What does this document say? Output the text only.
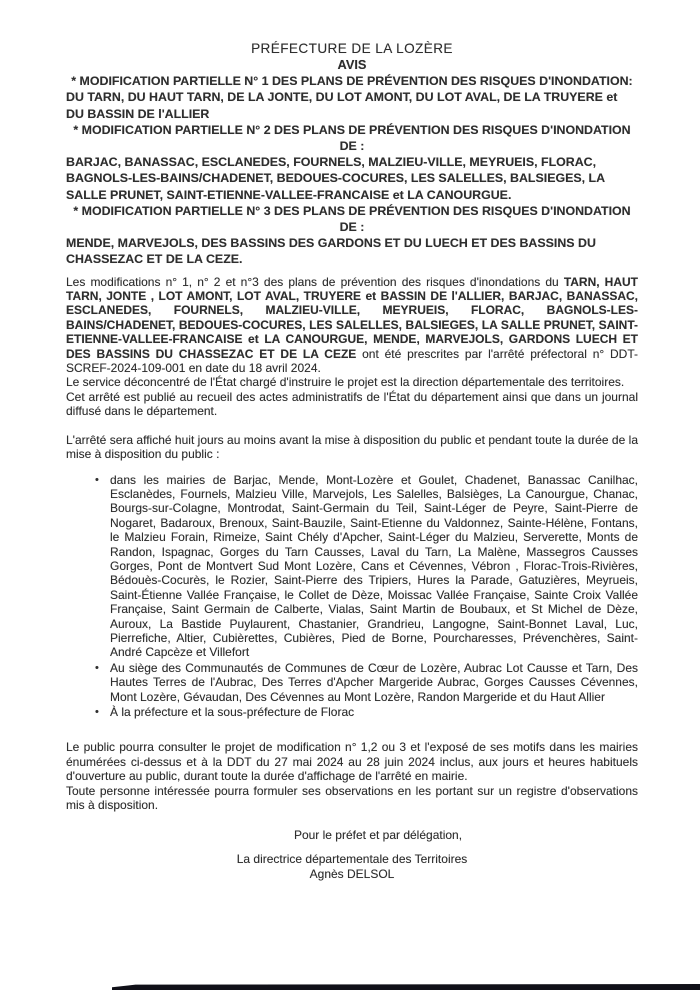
PRÉFECTURE DE LA LOZÈRE
AVIS
* MODIFICATION PARTIELLE N° 1 DES PLANS DE PRÉVENTION DES RISQUES D'INONDATION:
DU TARN, DU HAUT TARN, DE LA JONTE, DU LOT AMONT, DU LOT AVAL, DE LA TRUYERE et DU BASSIN DE l'ALLIER
* MODIFICATION PARTIELLE N° 2 DES PLANS DE PRÉVENTION DES RISQUES D'INONDATION DE :
BARJAC, BANASSAC, ESCLANEDES, FOURNELS, MALZIEU-VILLE, MEYRUEIS, FLORAC, BAGNOLS-LES-BAINS/CHADENET, BEDOUES-COCURES, LES SALELLES, BALSIEGES, LA SALLE PRUNET, SAINT-ETIENNE-VALLEE-FRANCAISE et LA CANOURGUE.
* MODIFICATION PARTIELLE N° 3 DES PLANS DE PRÉVENTION DES RISQUES D'INONDATION DE :
MENDE, MARVEJOLS, DES BASSINS DES GARDONS ET DU LUECH ET DES BASSINS DU CHASSEZAC ET DE LA CEZE.
Les modifications n° 1, n° 2 et n°3 des plans de prévention des risques d'inondations du TARN, HAUT TARN, JONTE , LOT AMONT, LOT AVAL, TRUYERE et BASSIN DE l'ALLIER, BARJAC, BANASSAC, ESCLANEDES, FOURNELS, MALZIEU-VILLE, MEYRUEIS, FLORAC, BAGNOLS-LES-BAINS/CHADENET, BEDOUES-COCURES, LES SALELLES, BALSIEGES, LA SALLE PRUNET, SAINT-ETIENNE-VALLEE-FRANCAISE et LA CANOURGUE, MENDE, MARVEJOLS, GARDONS LUECH ET DES BASSINS DU CHASSEZAC ET DE LA CEZE ont été prescrites par l'arrêté préfectoral n° DDT-SCREF-2024-109-001 en date du 18 avril 2024.
Le service déconcentré de l'État chargé d'instruire le projet est la direction départementale des territoires.
Cet arrêté est publié au recueil des actes administratifs de l'État du département ainsi que dans un journal diffusé dans le département.
L'arrêté sera affiché huit jours au moins avant la mise à disposition du public et pendant toute la durée de la mise à disposition du public :
• dans les mairies de Barjac, Mende, Mont-Lozère et Goulet, Chadenet, Banassac Canilhac, Esclanèdes, Fournels, Malzieu Ville, Marvejols, Les Salelles, Balsièges, La Canourgue, Chanac, Bourgs-sur-Colagne, Montrodat, Saint-Germain du Teil, Saint-Léger de Peyre, Saint-Pierre de Nogaret, Badaroux, Brenoux, Saint-Bauzile, Saint-Etienne du Valdonnez, Sainte-Hélène, Fontans, le Malzieu Forain, Rimeize, Saint Chély d'Apcher, Saint-Léger du Malzieu, Serverette, Monts de Randon, Ispagnac, Gorges du Tarn Causses, Laval du Tarn, La Malène, Massegros Causses Gorges, Pont de Montvert Sud Mont Lozère, Cans et Cévennes, Vébron , Florac-Trois-Rivières, Bédouès-Cocurès, le Rozier, Saint-Pierre des Tripiers, Hures la Parade, Gatuzières, Meyrueis, Saint-Étienne Vallée Française, le Collet de Dèze, Moissac Vallée Française, Sainte Croix Vallée Française, Saint Germain de Calberte, Vialas, Saint Martin de Boubaux, et St Michel de Dèze, Auroux, La Bastide Puylaurent, Chastanier, Grandrieu, Langogne, Saint-Bonnet Laval, Luc, Pierrefiche, Altier, Cubièrettes, Cubières, Pied de Borne, Pourcharesses, Prévenchères, Saint-André Capcèze et Villefort
• Au siège des Communautés de Communes de Cœur de Lozère, Aubrac Lot Causse et Tarn, Des Hautes Terres de l'Aubrac, Des Terres d'Apcher Margeride Aubrac, Gorges Causses Cévennes, Mont Lozère, Gévaudan, Des Cévennes au Mont Lozère, Randon Margeride et du Haut Allier
• À la préfecture et la sous-préfecture de Florac
Le public pourra consulter le projet de modification n° 1,2 ou 3 et l'exposé de ses motifs dans les mairies énumérées ci-dessus et à la DDT du 27 mai 2024 au 28 juin 2024 inclus, aux jours et heures habituels d'ouverture au public, durant toute la durée d'affichage de l'arrêté en mairie.
Toute personne intéressée pourra formuler ses observations en les portant sur un registre d'observations mis à disposition.
Pour le préfet et par délégation,
La directrice départementale des Territoires
Agnès DELSOL
